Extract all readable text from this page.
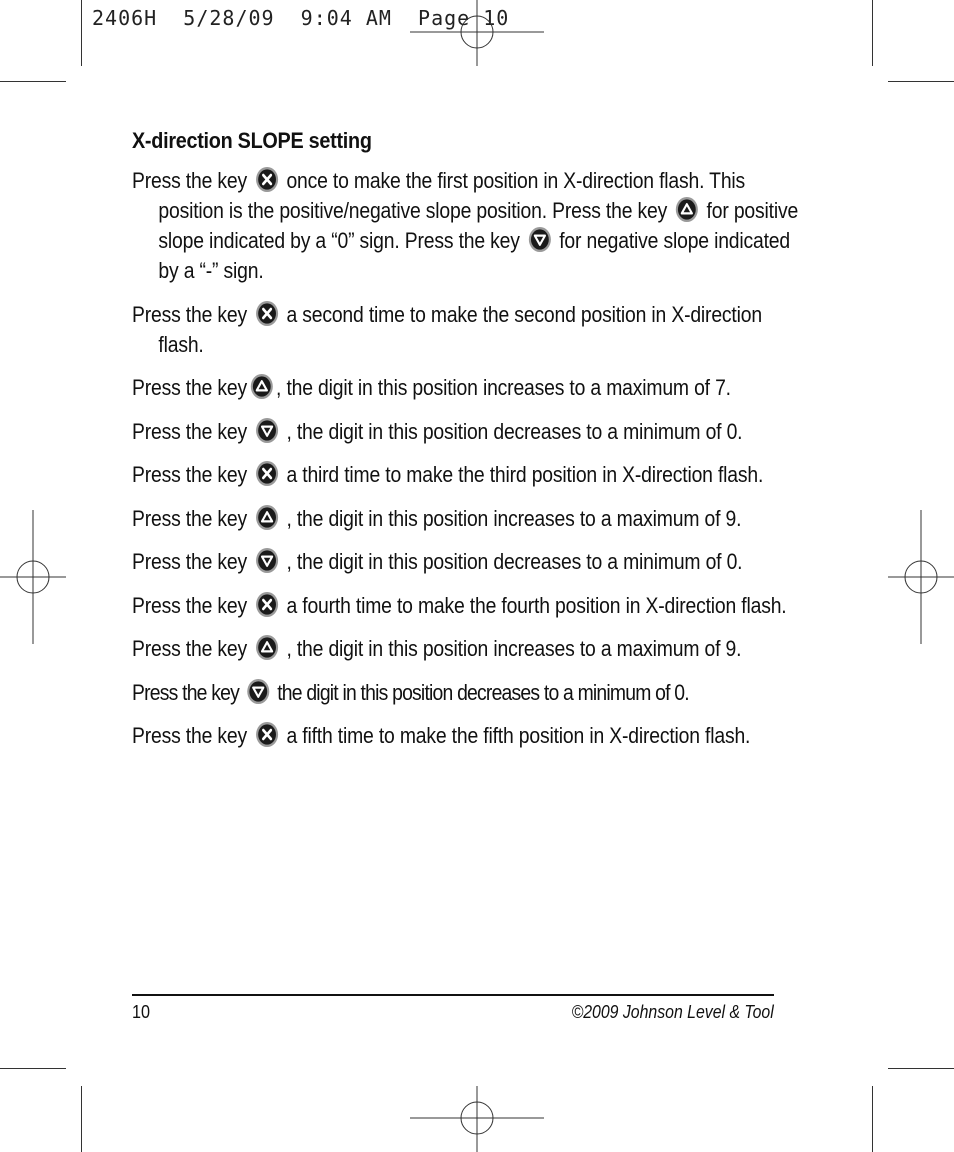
2406H  5/28/09  9:04 AM  Page 10
X-direction SLOPE setting
Press the key
once to make the first position in X-direction flash. This position is the positive/negative slope position. Press the key
for positive slope indicated by a “0” sign. Press the key
for negative slope indicated by a “-” sign.
Press the key
a second time to make the second position in X-direction flash.
Press the key , the digit in this position increases to a maximum of 7.
Press the key
, the digit in this position decreases to a minimum of 0.
Press the key
a third time to make the third position in X-direction flash.
Press the key
, the digit in this position increases to a maximum of 9.
Press the key
, the digit in this position decreases to a minimum of 0.
Press the key
a fourth time to make the fourth position in X-direction flash.
Press the key
, the digit in this position increases to a maximum of 9.
Press the key
the digit in this position decreases to a minimum of 0.
Press the key
a fifth time to make the fifth position in X-direction flash.
10	©2009 Johnson Level & Tool
